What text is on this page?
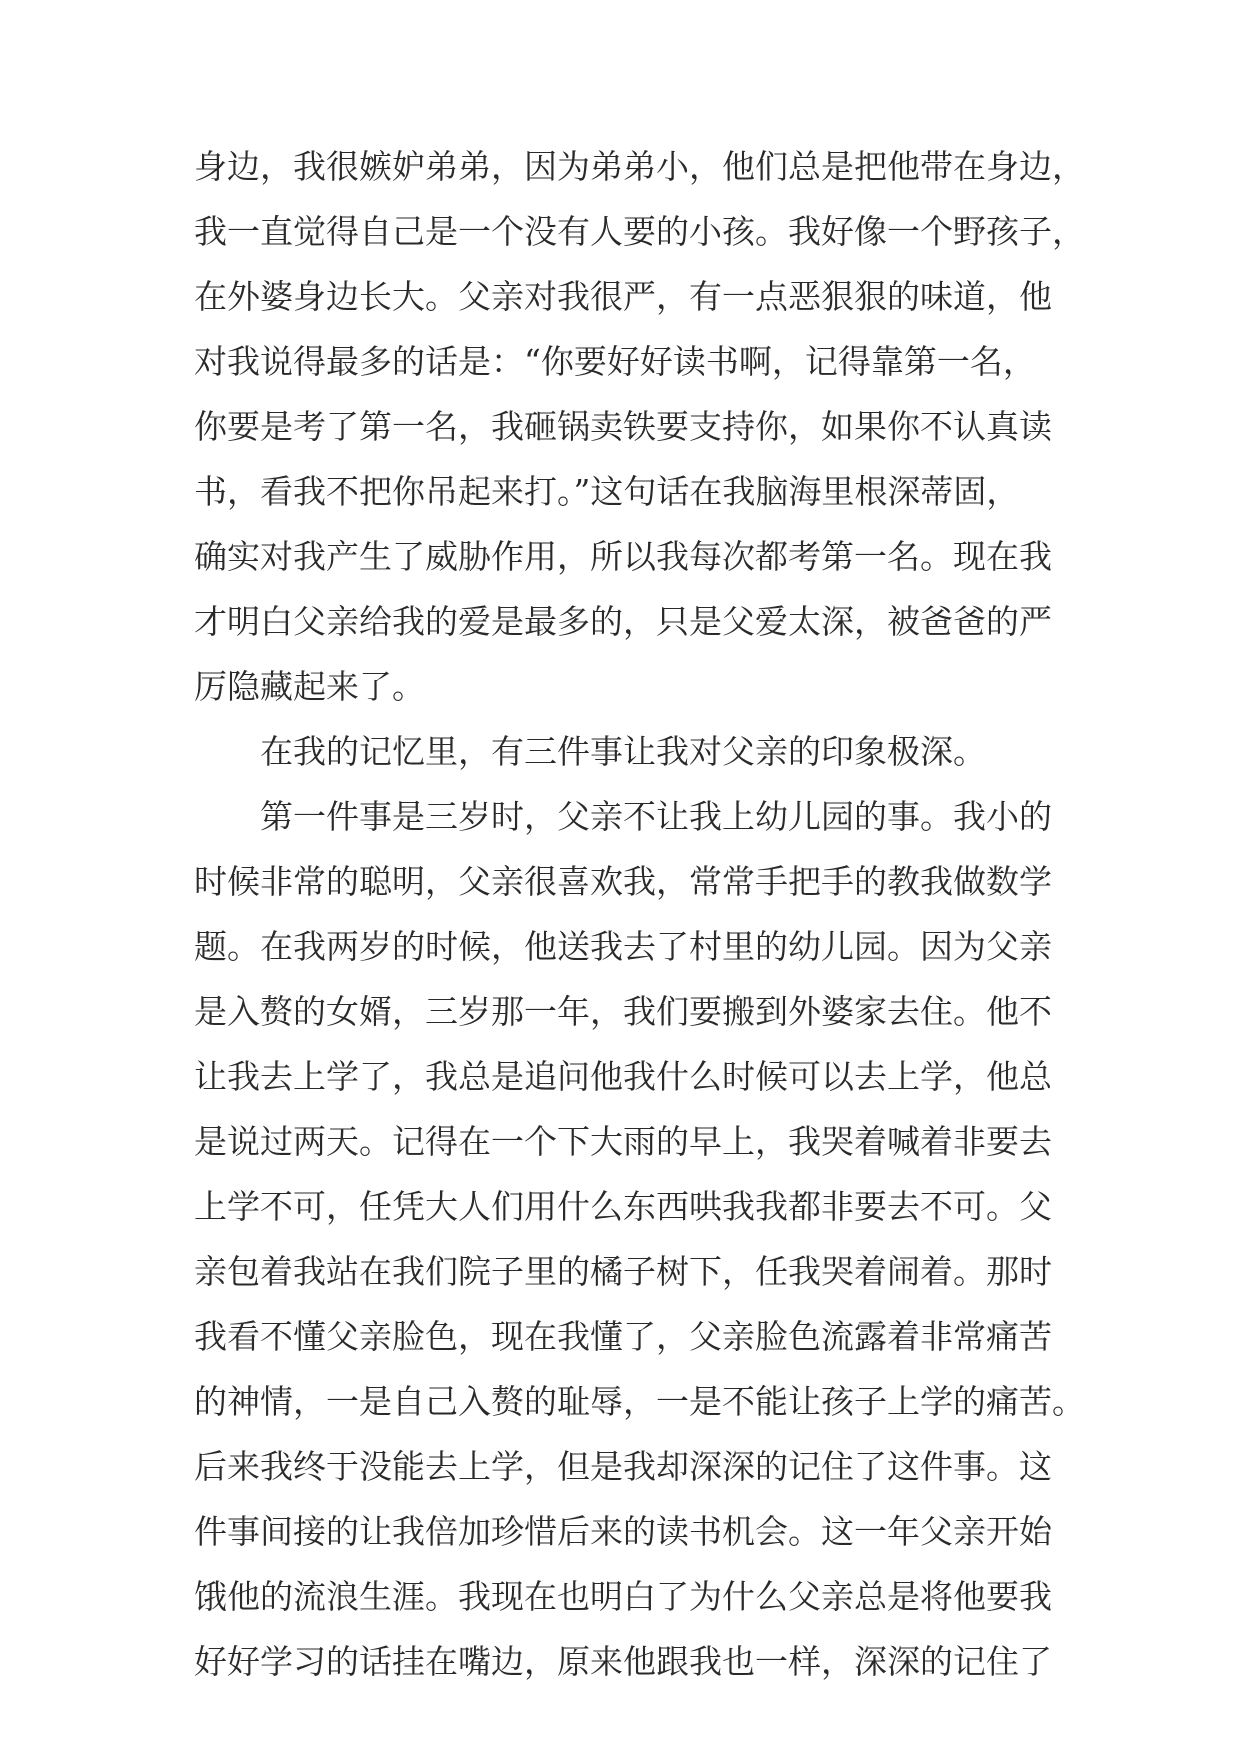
身边，我很嫉妒弟弟，因为弟弟小，他们总是把他带在身边，
我一直觉得自己是一个没有人要的小孩。我好像一个野孩子，
在外婆身边长大。父亲对我很严，有一点恶狠狠的味道，他
对我说得最多的话是：“你要好好读书啊，记得靠第一名，
你要是考了第一名，我砸锅卖铁要支持你，如果你不认真读
书，看我不把你吊起来打。”这句话在我脑海里根深蒂固，
确实对我产生了威胁作用，所以我每次都考第一名。现在我
才明白父亲给我的爱是最多的，只是父爱太深，被爸爸的严
厉隐藏起来了。
在我的记忆里，有三件事让我对父亲的印象极深。
第一件事是三岁时，父亲不让我上幼儿园的事。我小的
时候非常的聪明，父亲很喜欢我，常常手把手的教我做数学
题。在我两岁的时候，他送我去了村里的幼儿园。因为父亲
是入赘的女婿，三岁那一年，我们要搬到外婆家去住。他不
让我去上学了，我总是追问他我什么时候可以去上学，他总
是说过两天。记得在一个下大雨的早上，我哭着喊着非要去
上学不可，任凭大人们用什么东西哄我我都非要去不可。父
亲包着我站在我们院子里的橘子树下，任我哭着闹着。那时
我看不懂父亲脸色，现在我懂了，父亲脸色流露着非常痛苦
的神情，一是自己入赘的耻辱，一是不能让孩子上学的痛苦。
后来我终于没能去上学，但是我却深深的记住了这件事。这
件事间接的让我倍加珍惜后来的读书机会。这一年父亲开始
饿他的流浪生涯。我现在也明白了为什么父亲总是将他要我
好好学习的话挂在嘴边，原来他跟我也一样，深深的记住了
